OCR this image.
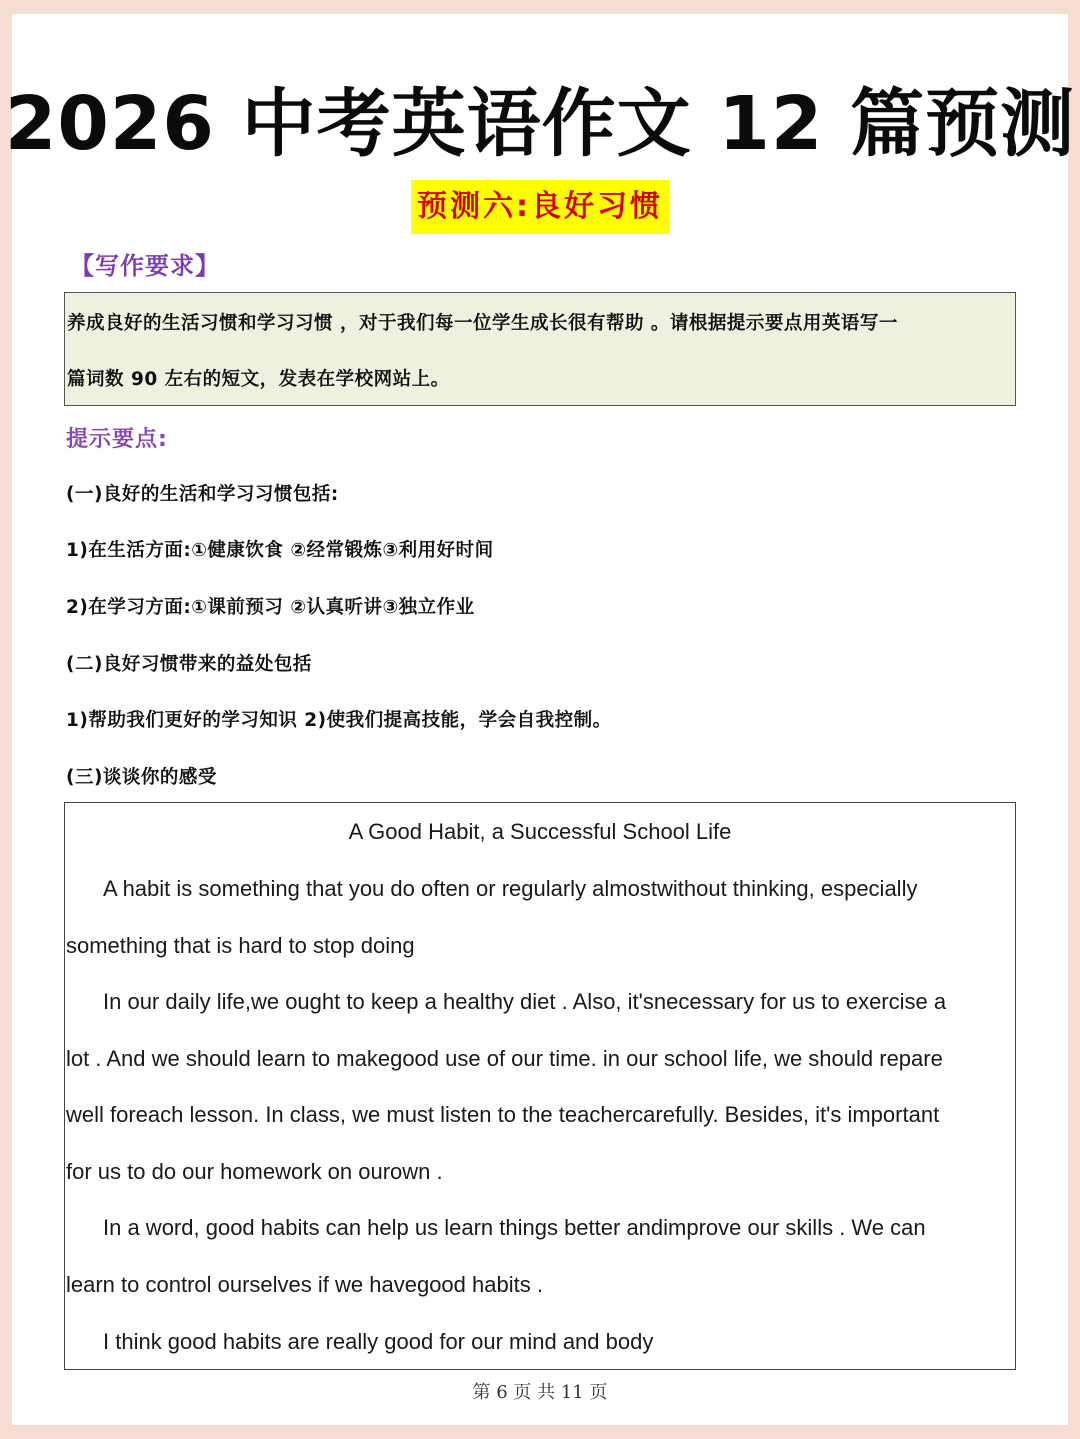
2026 中考英语作文 12 篇预测
预测六:良好习惯
【写作要求】
养成良好的生活习惯和学习习惯 ，对于我们每一位学生成长很有帮助 。请根据提示要点用英语写一
篇词数 90 左右的短文，发表在学校网站上。
提示要点:
(一)良好的生活和学习习惯包括:
1)在生活方面:①健康饮食 ②经常锻炼③利用好时间
2)在学习方面:①课前预习 ②认真听讲③独立作业
(二)良好习惯带来的益处包括
1)帮助我们更好的学习知识 2)使我们提高技能，学会自我控制。
(三)谈谈你的感受
A Good Habit, a Successful School Life
A habit is something that you do often or regularly almostwithout thinking, especially
something that is hard to stop doing
In our daily life,we ought to keep a healthy diet . Also, it'snecessary for us to exercise a
lot . And we should learn to makegood use of our time. in our school life, we should repare
well foreach lesson. In class, we must listen to the teachercarefully. Besides, it's important
for us to do our homework on ourown .
In a word, good habits can help us learn things better andimprove our skills . We can
learn to control ourselves if we havegood habits .
I think good habits are really good for our mind and body
第 6 页 共 11 页
